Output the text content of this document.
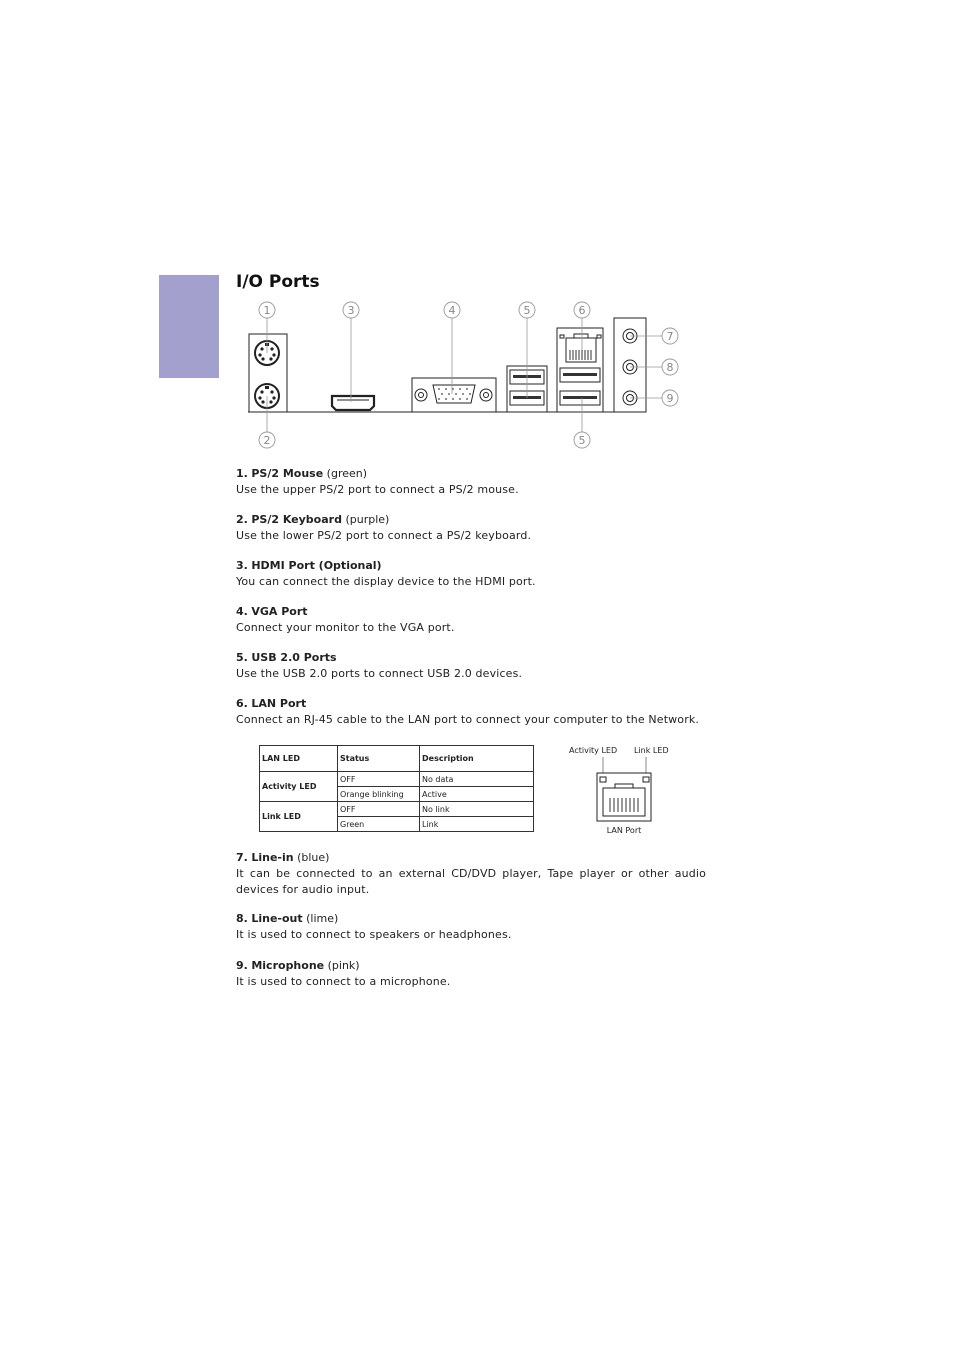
I/O Ports
1
2
3	4	5	6
5
7
8
9

1. PS/2 Mouse (green)

Use the upper PS/2 port to connect a PS/2 mouse.

2. PS/2 Keyboard (purple)

Use the lower PS/2 port to connect a PS/2 keyboard.

3. HDMI Port (Optional)

You can connect the display device to the HDMI port.

4. VGA Port

Connect your monitor to the VGA port.

5. USB 2.0 Ports

Use the USB 2.0 ports to connect USB 2.0 devices.

6. LAN Port

Connect an RJ-45 cable to the LAN port to connect your computer to the Network.

LAN LED	Status	Description
Activity LED	OFF	No data
	Orange blinking	Active
Link LED	OFF	No link
	Green	Link
Activity LED Link LED
LAN Port

7. Line-in (blue)

It can be connected to an external CD/DVD player, Tape player or other audio devices for audio input.

8. Line-out (lime)

It is used to connect to speakers or headphones.

9. Microphone (pink)

It is used to connect to a microphone.
